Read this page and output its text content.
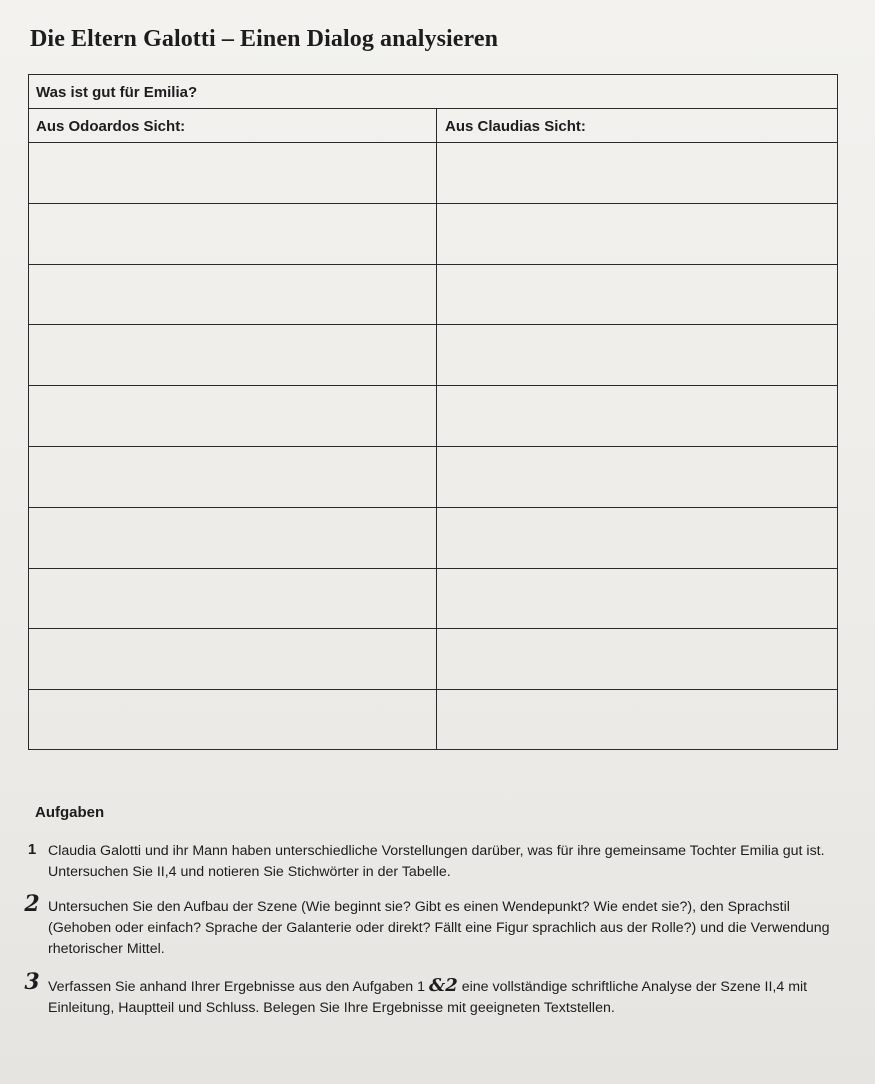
Die Eltern Galotti – Einen Dialog analysieren
Was ist gut für Emilia?
Aus Odoardos Sicht:	Aus Claudias Sicht:
Aufgaben
1 Claudia Galotti und ihr Mann haben unterschiedliche Vorstellungen darüber, was für ihre gemeinsame Tochter Emilia gut ist. Untersuchen Sie II,4 und notieren Sie Stichwörter in der Tabelle.

2 Untersuchen Sie den Aufbau der Szene (Wie beginnt sie? Gibt es einen Wendepunkt? Wie endet sie?), den Sprachstil (Gehoben oder einfach? Sprache der Galanterie oder direkt? Fällt eine Figur sprachlich aus der Rolle?) und die Verwendung rhetorischer Mittel.

3 Verfassen Sie anhand Ihrer Ergebnisse aus den Aufgaben 1 &2 eine vollständige schriftliche Analyse der Szene II,4 mit Einleitung, Hauptteil und Schluss. Belegen Sie Ihre Ergebnisse mit geeigneten Textstellen.
